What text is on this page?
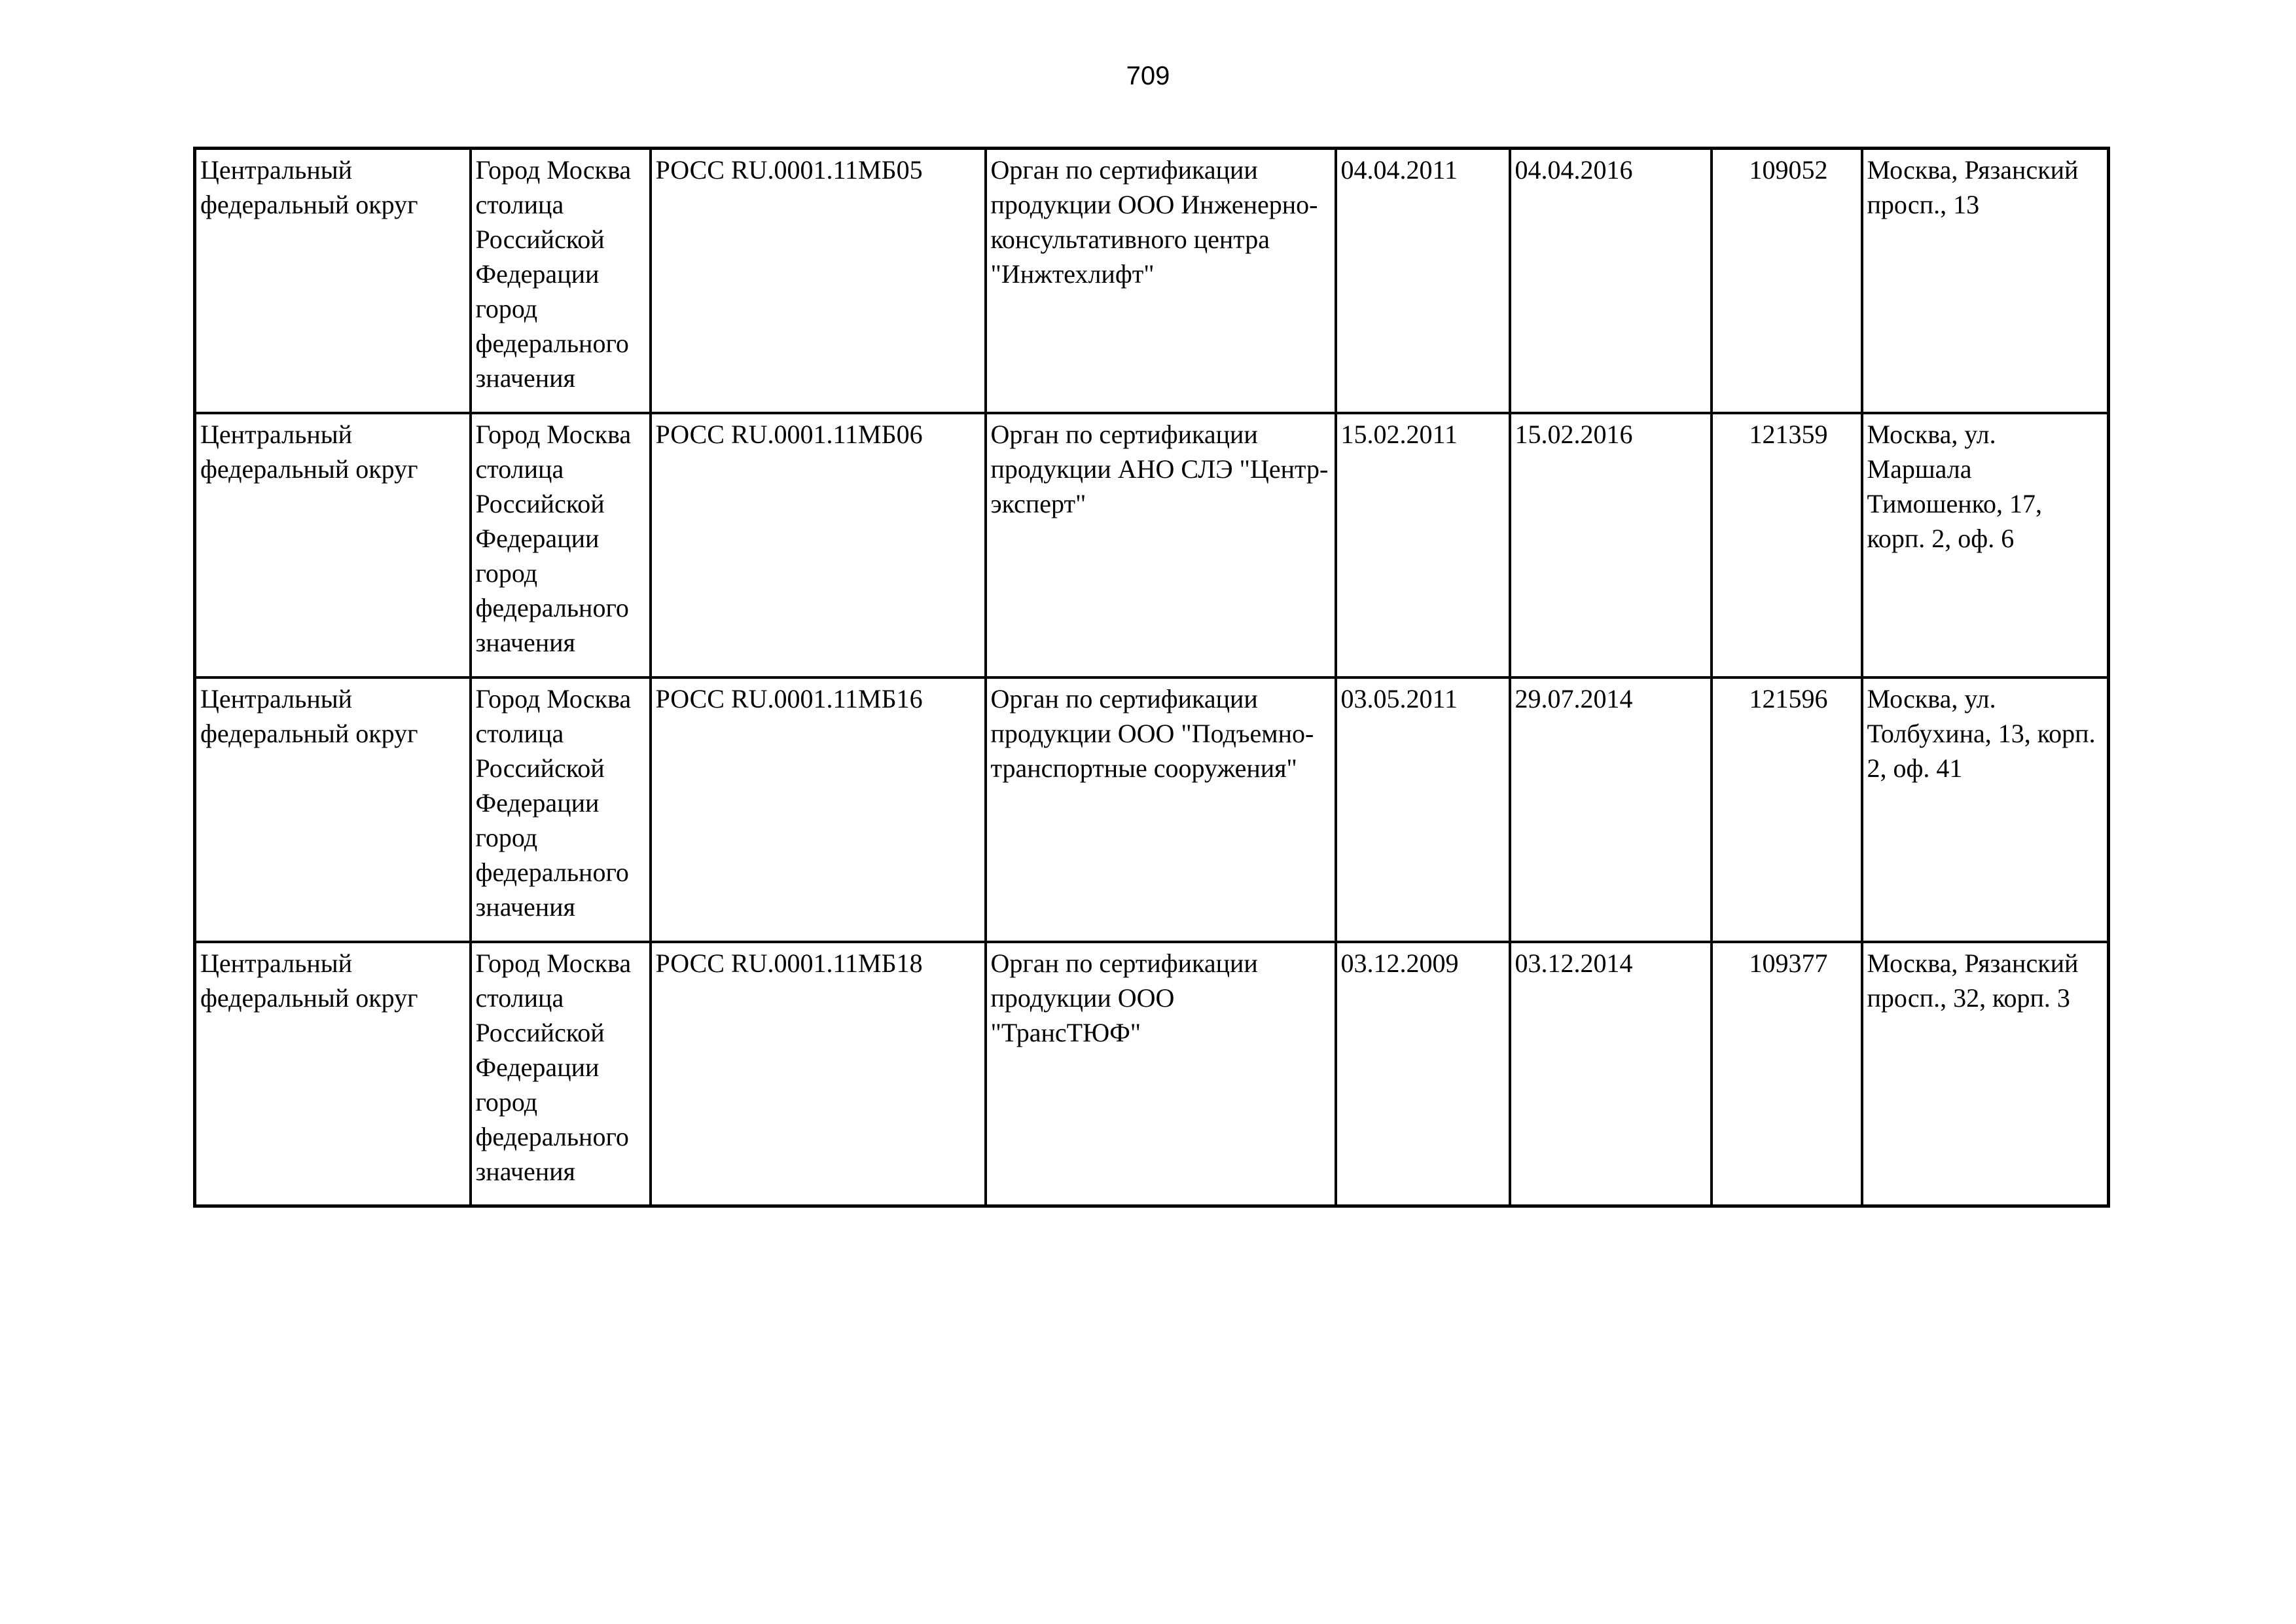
709
Центральный федеральный округ	Город Москва столица Российской Федерации город федерального значения	РОСС RU.0001.11МБ05	Орган по сертификации продукции ООО Инженерно-консультативного центра "Инжтехлифт"	04.04.2011	04.04.2016	109052	Москва, Рязанский просп., 13

Центральный федеральный округ	Город Москва столица Российской Федерации город федерального значения	РОСС RU.0001.11МБ06	Орган по сертификации продукции АНО СЛЭ "Центр-эксперт"	15.02.2011	15.02.2016	121359	Москва, ул. Маршала Тимошенко, 17, корп. 2, оф. 6

Центральный федеральный округ	Город Москва столица Российской Федерации город федерального значения	РОСС RU.0001.11МБ16	Орган по сертификации продукции ООО "Подъемно-транспортные сооружения"	03.05.2011	29.07.2014	121596	Москва, ул. Толбухина, 13, корп. 2, оф. 41

Центральный федеральный округ	Город Москва столица Российской Федерации город федерального значения	РОСС RU.0001.11МБ18	Орган по сертификации продукции ООО "ТрансТЮФ"	03.12.2009	03.12.2014	109377	Москва, Рязанский просп., 32, корп. 3
